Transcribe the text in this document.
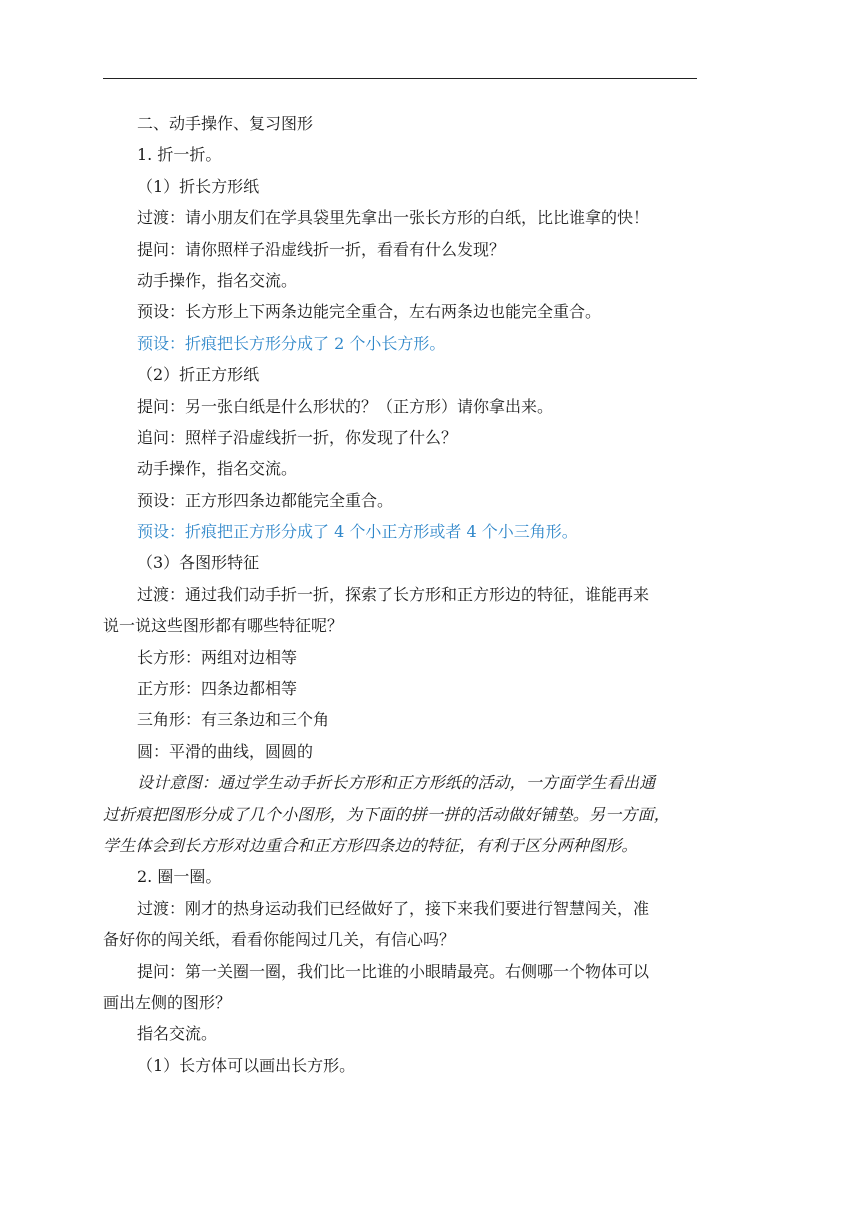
二、动手操作、复习图形
1. 折一折。
（1）折长方形纸
过渡：请小朋友们在学具袋里先拿出一张长方形的白纸，比比谁拿的快！
提问：请你照样子沿虚线折一折，看看有什么发现？
动手操作，指名交流。
预设：长方形上下两条边能完全重合，左右两条边也能完全重合。
预设：折痕把长方形分成了 2 个小长方形。
（2）折正方形纸
提问：另一张白纸是什么形状的？（正方形）请你拿出来。
追问：照样子沿虚线折一折，你发现了什么？
动手操作，指名交流。
预设：正方形四条边都能完全重合。
预设：折痕把正方形分成了 4 个小正方形或者 4 个小三角形。
（3）各图形特征
过渡：通过我们动手折一折，探索了长方形和正方形边的特征，谁能再来
说一说这些图形都有哪些特征呢？
长方形：两组对边相等
正方形：四条边都相等
三角形：有三条边和三个角
圆：平滑的曲线，圆圆的
设计意图：通过学生动手折长方形和正方形纸的活动，一方面学生看出通
过折痕把图形分成了几个小图形，为下面的拼一拼的活动做好铺垫。另一方面，
学生体会到长方形对边重合和正方形四条边的特征，有利于区分两种图形。
2. 圈一圈。
过渡：刚才的热身运动我们已经做好了，接下来我们要进行智慧闯关，准
备好你的闯关纸，看看你能闯过几关，有信心吗？
提问：第一关圈一圈，我们比一比谁的小眼睛最亮。右侧哪一个物体可以
画出左侧的图形？
指名交流。
（1）长方体可以画出长方形。
